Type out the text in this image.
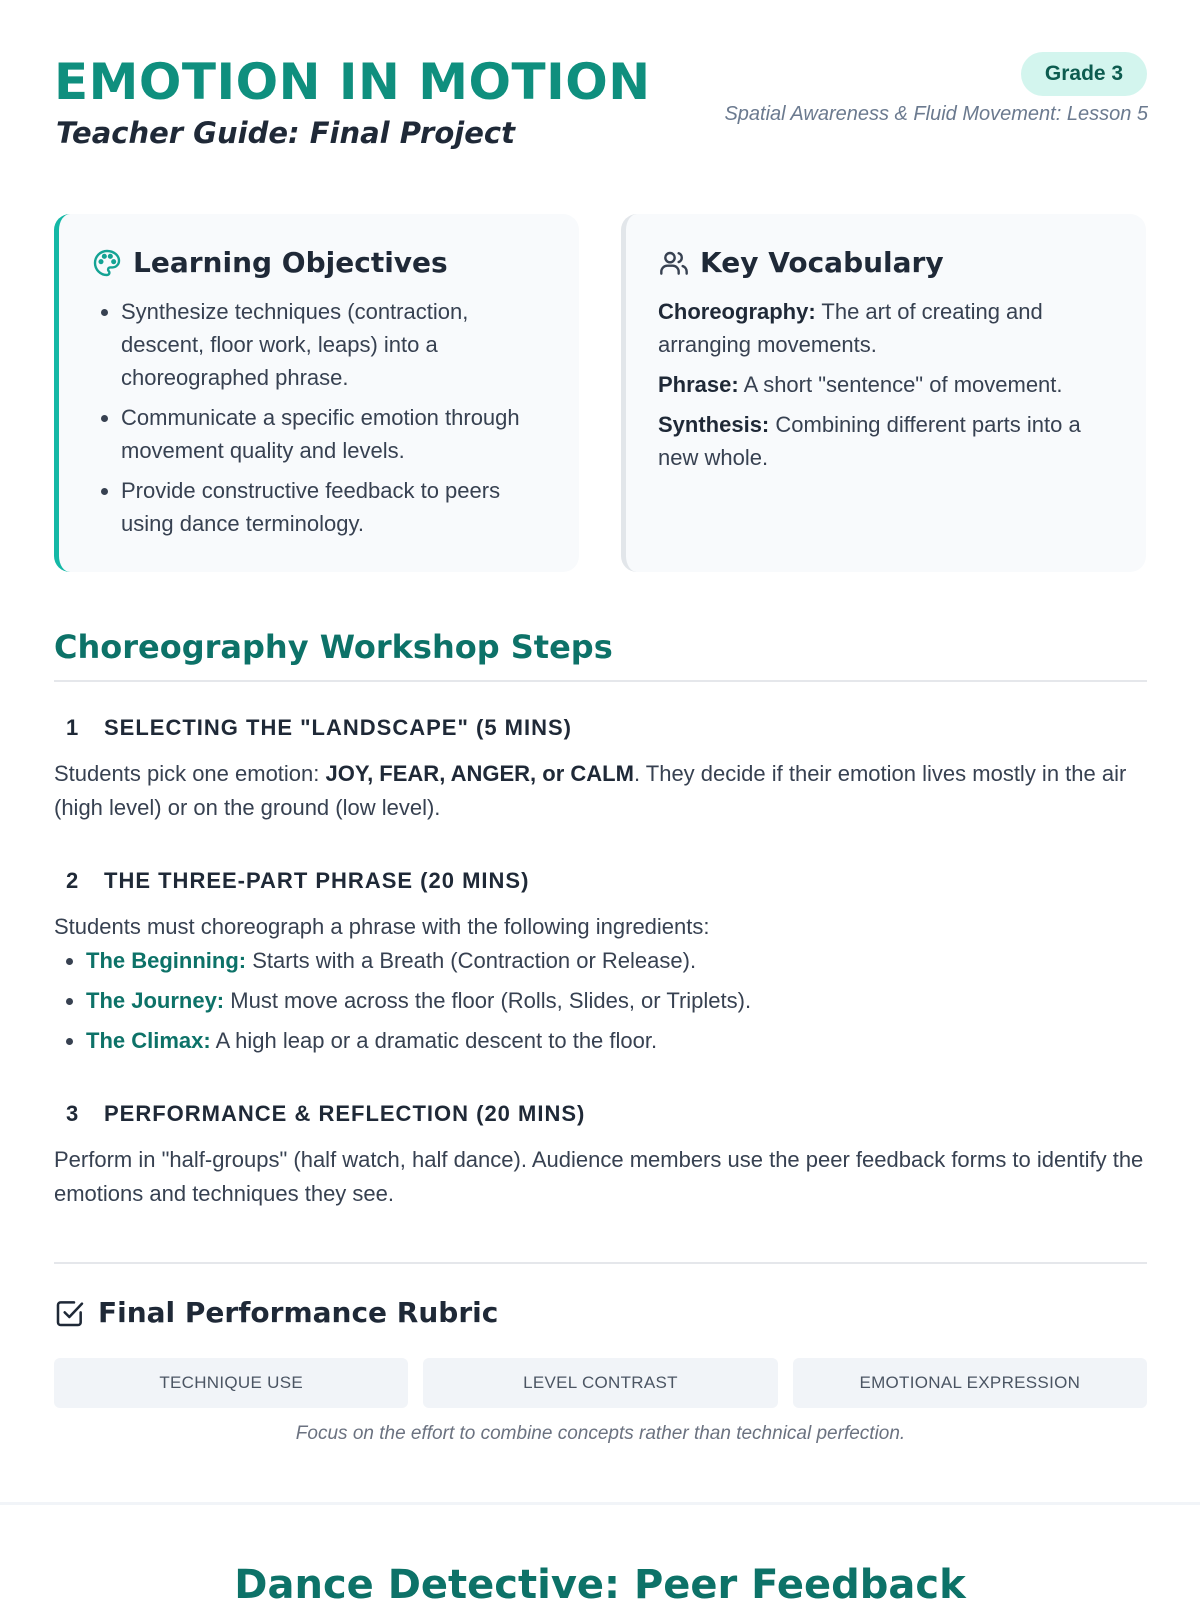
EMOTION IN MOTION
Teacher Guide: Final Project
Grade 3
Spatial Awareness & Fluid Movement: Lesson 5
Learning Objectives
• Synthesize techniques (contraction, descent, floor work, leaps) into a choreographed phrase.
• Communicate a specific emotion through movement quality and levels.
• Provide constructive feedback to peers using dance terminology.
Key Vocabulary

Choreography: The art of creating and arranging movements.

Phrase: A short "sentence" of movement.

Synthesis: Combining different parts into a new whole.

Choreography Workshop Steps
1	SELECTING THE "LANDSCAPE" (5 MINS)

Students pick one emotion: JOY, FEAR, ANGER, or CALM. They decide if their emotion lives mostly in the air (high level) or on the ground (low level).

2	THE THREE-PART PHRASE (20 MINS)

Students must choreograph a phrase with the following ingredients:

• The Beginning: Starts with a Breath (Contraction or Release).
• The Journey: Must move across the floor (Rolls, Slides, or Triplets).
• The Climax: A high leap or a dramatic descent to the floor.
3	PERFORMANCE & REFLECTION (20 MINS)

Perform in "half-groups" (half watch, half dance). Audience members use the peer feedback forms to identify the emotions and techniques they see.

Final Performance Rubric
TECHNIQUE USE	LEVEL CONTRAST	EMOTIONAL EXPRESSION
Focus on the effort to combine concepts rather than technical perfection.
Dance Detective: Peer Feedback
